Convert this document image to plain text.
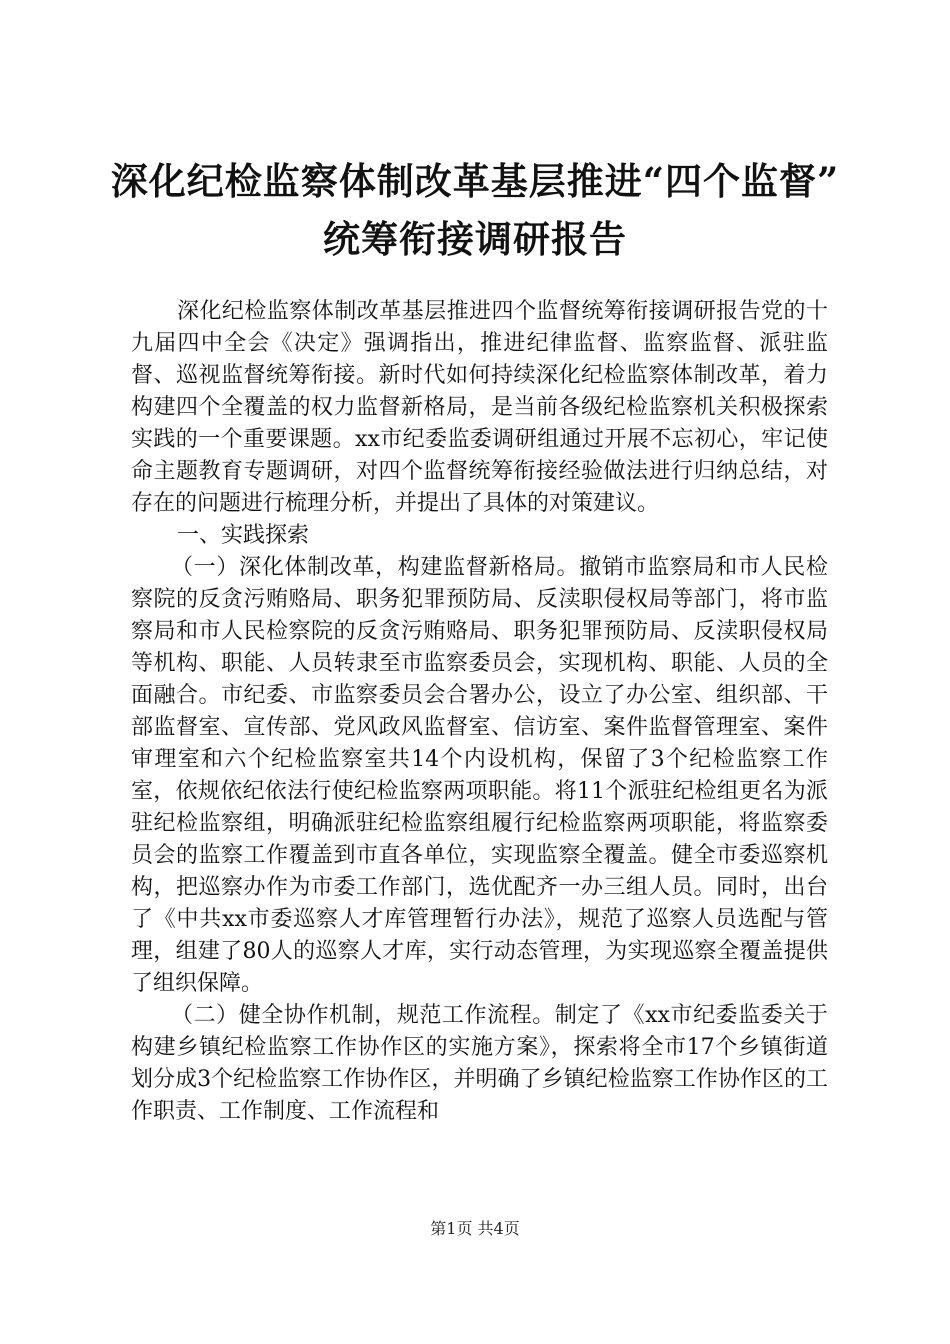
深化纪检监察体制改革基层推进“四个监督”
统筹衔接调研报告

深化纪检监察体制改革基层推进四个监督统筹衔接调研报告党的十九届四中全会《决定》强调指出，推进纪律监督、监察监督、派驻监督、巡视监督统筹衔接。新时代如何持续深化纪检监察体制改革，着力构建四个全覆盖的权力监督新格局，是当前各级纪检监察机关积极探索实践的一个重要课题。xx市纪委监委调研组通过开展不忘初心，牢记使命主题教育专题调研，对四个监督统筹衔接经验做法进行归纳总结，对存在的问题进行梳理分析，并提出了具体的对策建议。

一、实践探索

（一）深化体制改革，构建监督新格局。撤销市监察局和市人民检察院的反贪污贿赂局、职务犯罪预防局、反渎职侵权局等部门，将市监察局和市人民检察院的反贪污贿赂局、职务犯罪预防局、反渎职侵权局等机构、职能、人员转隶至市监察委员会，实现机构、职能、人员的全面融合。市纪委、市监察委员会合署办公，设立了办公室、组织部、干部监督室、宣传部、党风政风监督室、信访室、案件监督管理室、案件审理室和六个纪检监察室共14个内设机构，保留了3个纪检监察工作室，依规依纪依法行使纪检监察两项职能。将11个派驻纪检组更名为派驻纪检监察组，明确派驻纪检监察组履行纪检监察两项职能，将监察委员会的监察工作覆盖到市直各单位，实现监察全覆盖。健全市委巡察机构，把巡察办作为市委工作部门，选优配齐一办三组人员。同时，出台了《中共xx市委巡察人才库管理暂行办法》，规范了巡察人员选配与管理，组建了80人的巡察人才库，实行动态管理，为实现巡察全覆盖提供了组织保障。

（二）健全协作机制，规范工作流程。制定了《xx市纪委监委关于构建乡镇纪检监察工作协作区的实施方案》，探索将全市17个乡镇街道划分成3个纪检监察工作协作区，并明确了乡镇纪检监察工作协作区的工作职责、工作制度、工作流程和

第1页 共4页
